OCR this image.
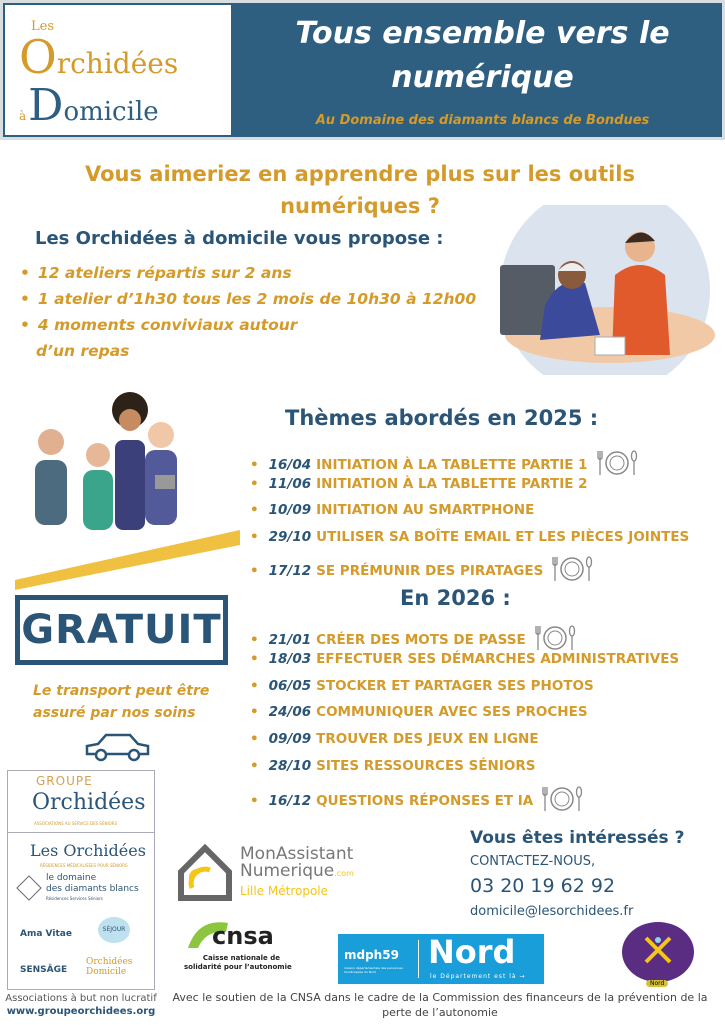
Les
Orchidées
àDomicile
Tous ensemble vers le numérique
Au Domaine des diamants blancs de Bondues
Vous aimeriez en apprendre plus sur les outils numériques ?
Les Orchidées à domicile vous propose :
• 12 ateliers répartis sur 2 ans
• 1 atelier d’1h30 tous les 2 mois de 10h30 à 12h00
• 4 moments conviviaux autour
d’un repas
Thèmes abordés en 2025 :
• 16/04 INITIATION À LA TABLETTE PARTIE 1
• 11/06 INITIATION À LA TABLETTE PARTIE 2
• 10/09 INITIATION AU SMARTPHONE
• 29/10 UTILISER SA BOÎTE EMAIL ET LES PIÈCES JOINTES
• 17/12 SE PRÉMUNIR DES PIRATAGES
En 2026 :
• 21/01 CRÉER DES MOTS DE PASSE
• 18/03 EFFECTUER SES DÉMARCHES ADMINISTRATIVES
• 06/05 STOCKER ET PARTAGER SES PHOTOS
• 24/06 COMMUNIQUER AVEC SES PROCHES
• 09/09 TROUVER DES JEUX EN LIGNE
• 28/10 SITES RESSOURCES SÉNIORS
• 16/12 QUESTIONS RÉPONSES ET IA
GRATUIT
Le transport peut être assuré par nos soins
GROUPE
Orchidées
ASSOCIATIONS AU SERVICE DES SÉNIORS
Les Orchidées
RÉSIDENCES MÉDICALISÉES POUR SÉNIORS
le domaine
des diamants blancs
Résidences Services Séniors
Ama Vitae	SÉJOUR
SENSÂGE
Orchidées Domicile
Associations à but non lucratif
www.groupeorchidees.org
MonAssistant
Numerique.com
Lille Métropole
cnsa
Caisse nationale de
solidarité pour l’autonomie
mdph59
maison départementale des personnes handicapées du Nord
Nord
le Département est là →
Nord
Vous êtes intéressés ?
CONTACTEZ-NOUS,
03 20 19 62 92
domicile@lesorchidees.fr
Avec le soutien de la CNSA dans le cadre de la Commission des financeurs de la prévention de la perte de l’autonomie
